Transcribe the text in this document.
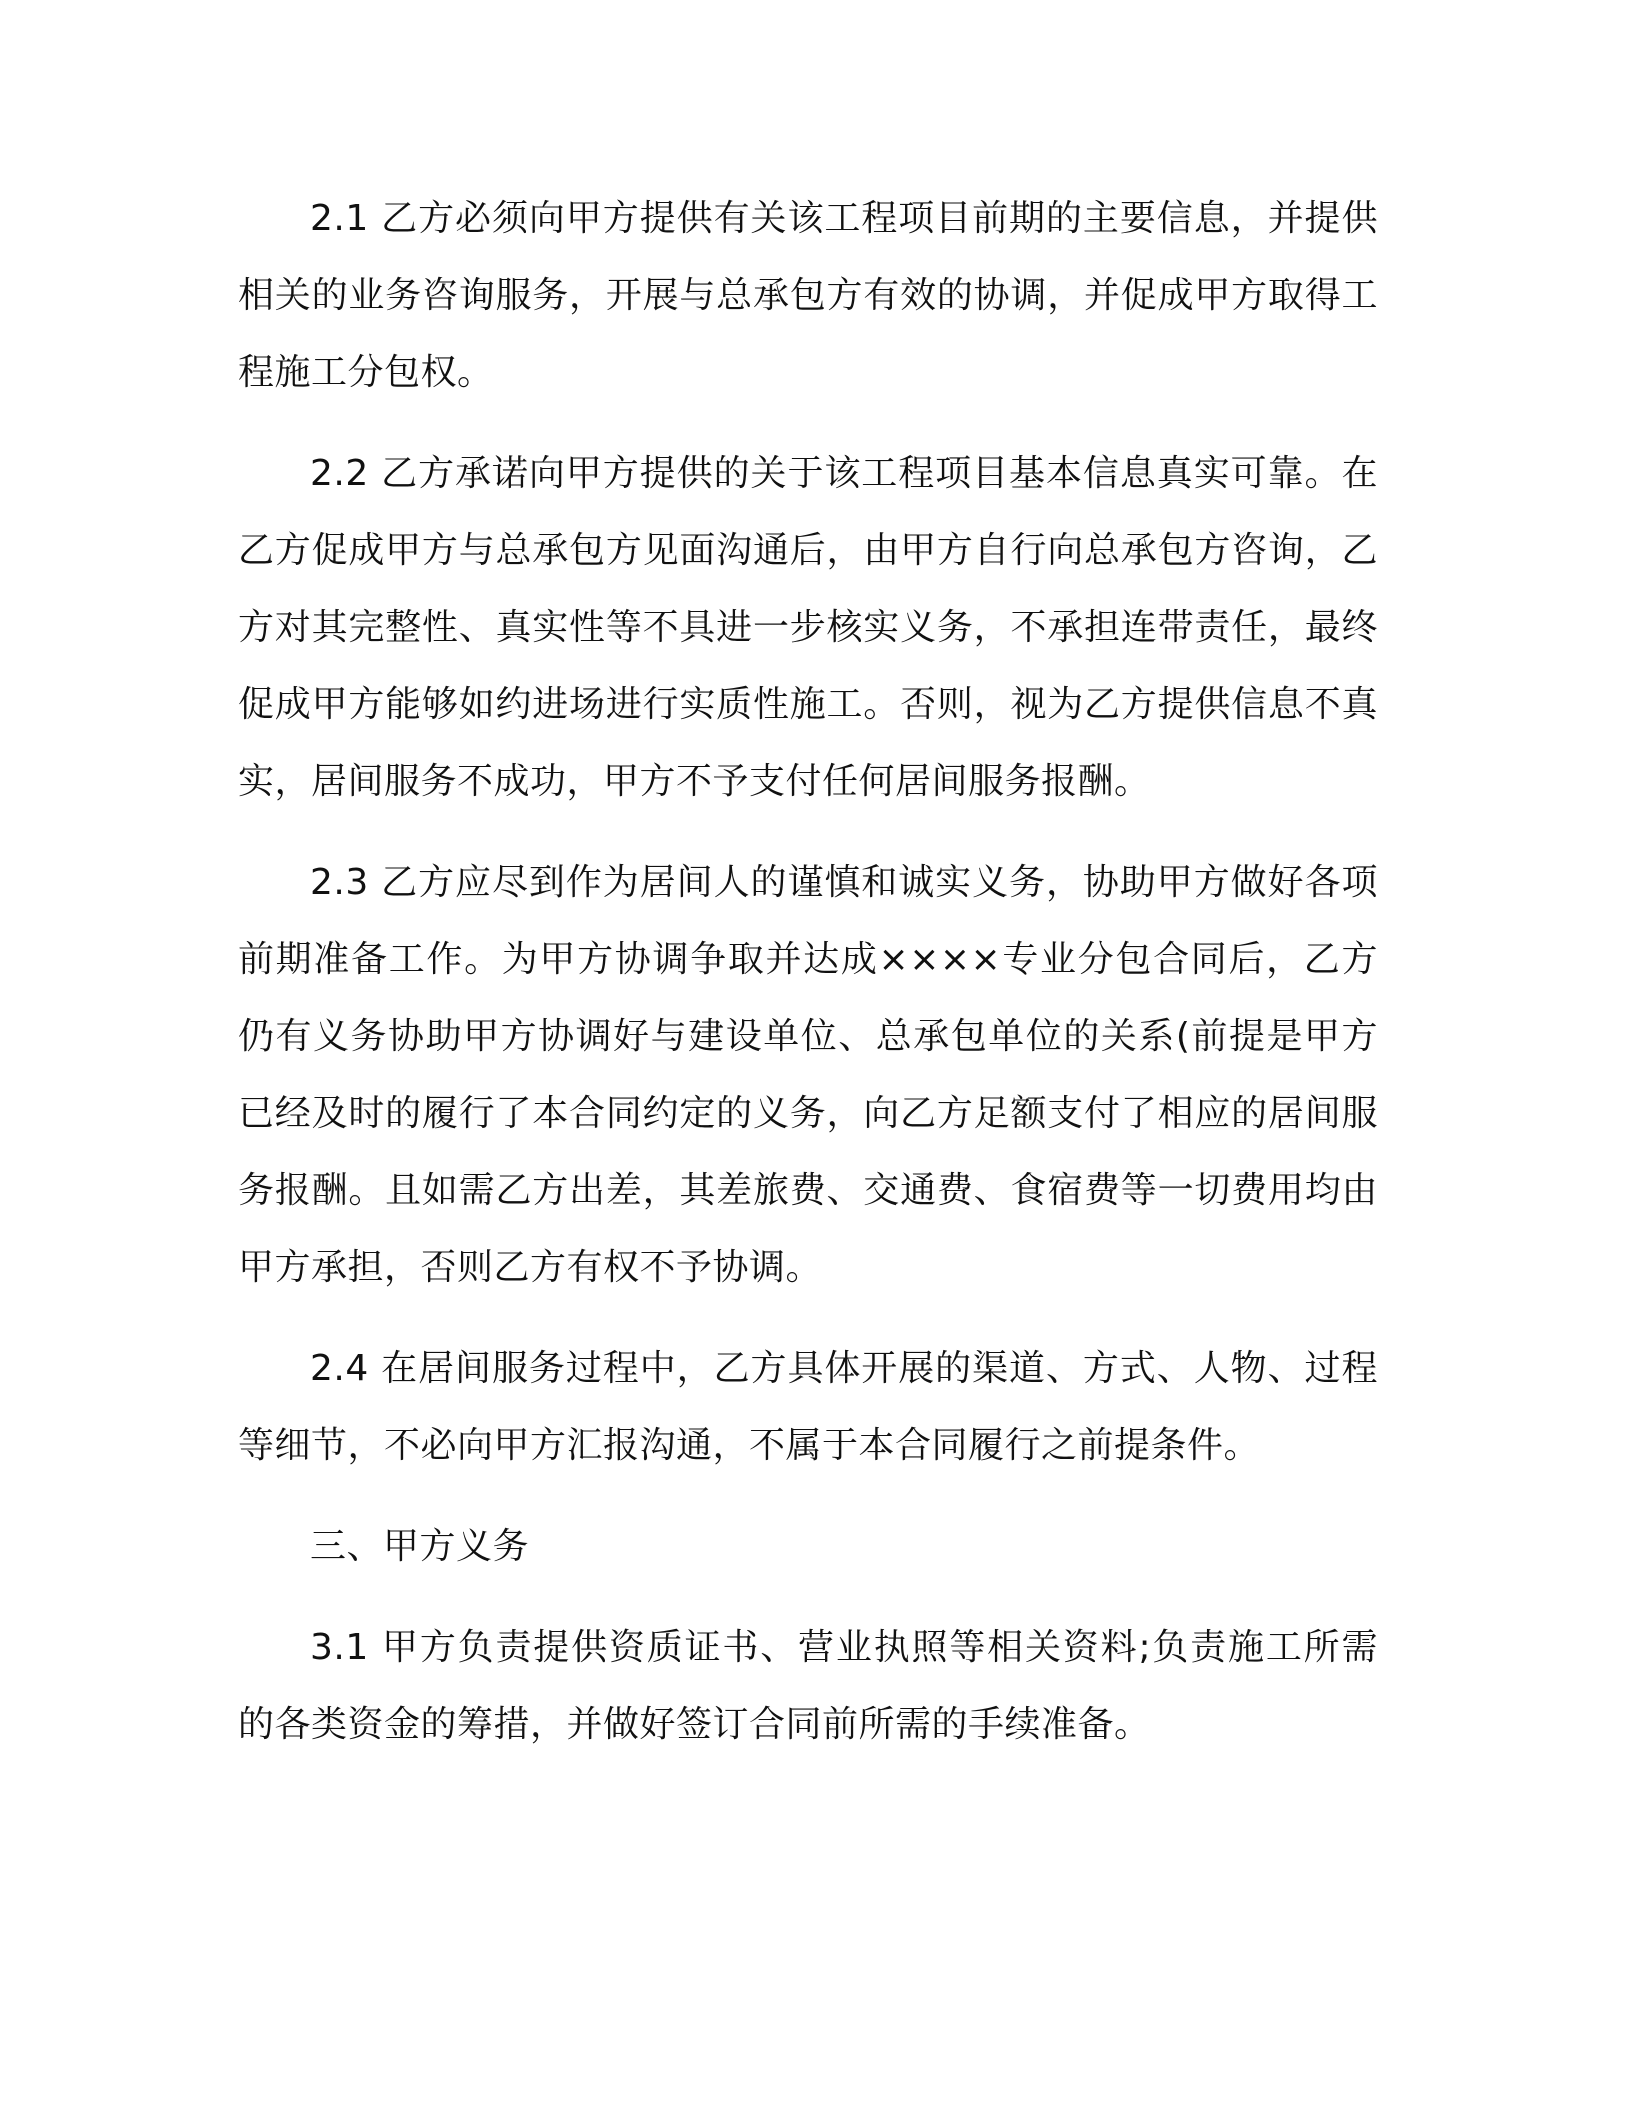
2.1 乙方必须向甲方提供有关该工程项目前期的主要信息，并提供相关的业务咨询服务，开展与总承包方有效的协调，并促成甲方取得工程施工分包权。

2.2 乙方承诺向甲方提供的关于该工程项目基本信息真实可靠。在乙方促成甲方与总承包方见面沟通后，由甲方自行向总承包方咨询，乙方对其完整性、真实性等不具进一步核实义务，不承担连带责任，最终促成甲方能够如约进场进行实质性施工。否则，视为乙方提供信息不真实，居间服务不成功，甲方不予支付任何居间服务报酬。

2.3 乙方应尽到作为居间人的谨慎和诚实义务，协助甲方做好各项前期准备工作。为甲方协调争取并达成××××专业分包合同后，乙方仍有义务协助甲方协调好与建设单位、总承包单位的关系(前提是甲方已经及时的履行了本合同约定的义务，向乙方足额支付了相应的居间服务报酬。且如需乙方出差，其差旅费、交通费、食宿费等一切费用均由甲方承担，否则乙方有权不予协调。

2.4 在居间服务过程中，乙方具体开展的渠道、方式、人物、过程等细节，不必向甲方汇报沟通，不属于本合同履行之前提条件。

三、甲方义务

3.1 甲方负责提供资质证书、营业执照等相关资料;负责施工所需的各类资金的筹措，并做好签订合同前所需的手续准备。
